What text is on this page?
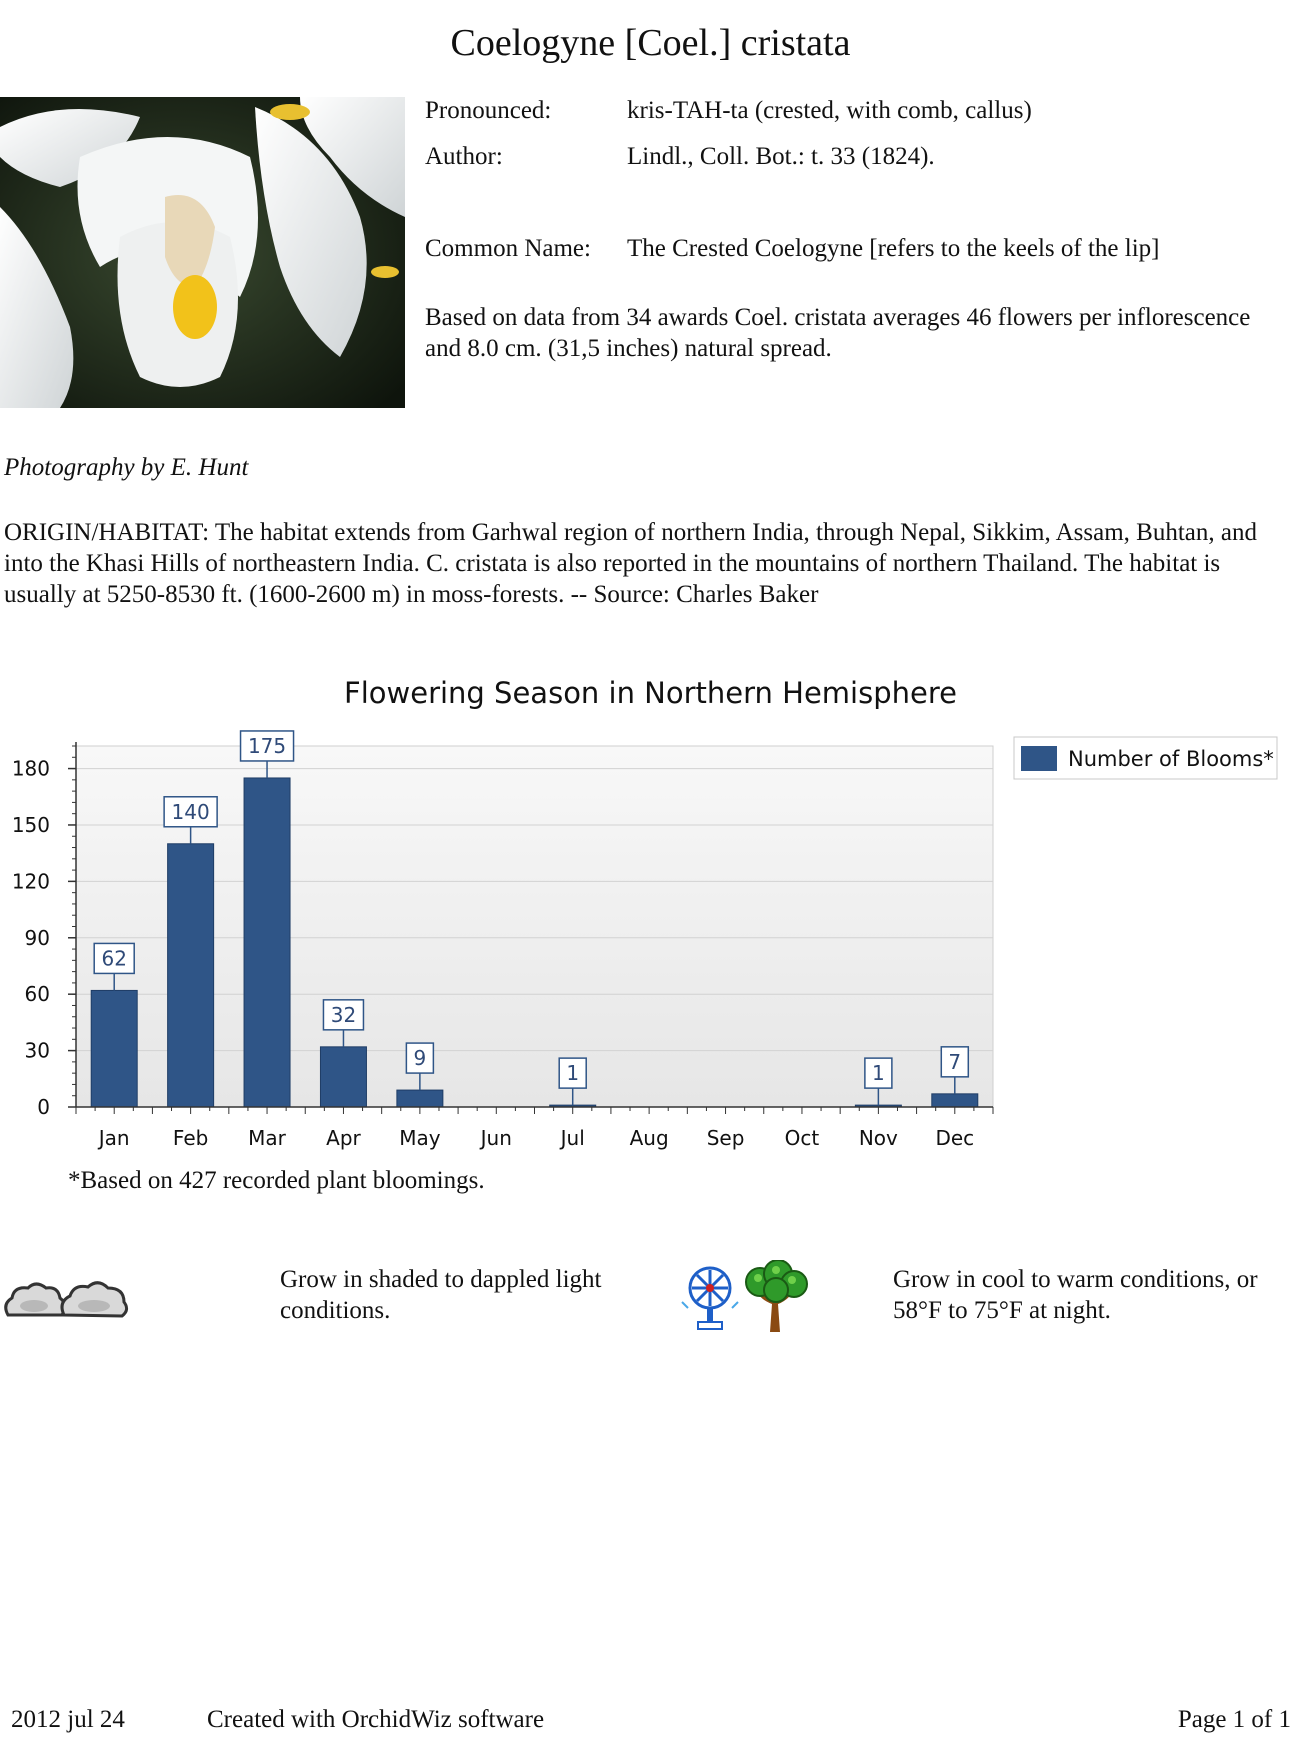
Coelogyne [Coel.] cristata
Pronounced:	kris-TAH-ta (crested, with comb, callus)
Author:	Lindl., Coll. Bot.: t. 33 (1824).
Common Name: The Crested Coelogyne [refers to the keels of the lip]
Based on data from 34 awards Coel. cristata averages 46 flowers per inflorescence and 8.0 cm. (31,5 inches) natural spread.
Photography by E. Hunt
ORIGIN/HABITAT: The habitat extends from Garhwal region of northern India, through Nepal, Sikkim, Assam, Buhtan, and into the Khasi Hills of northeastern India. C. cristata is also reported in the mountains of northern Thailand. The habitat is usually at 5250-8530 ft. (1600-2600 m) in moss-forests. -- Source: Charles Baker
Flowering Season in Northern Hemisphere
0
30
60
90
120
150
180
Jan Feb Mar Apr May Jun Jul Aug Sep Oct Nov Dec
62
140
175
32
9
1	1	7
Number of Blooms*
*Based on 427 recorded plant bloomings.
Grow in shaded to dappled light conditions.
Grow in cool to warm conditions, or 58°F to 75°F at night.
2012 jul 24	Created with OrchidWiz software	Page 1 of 1
